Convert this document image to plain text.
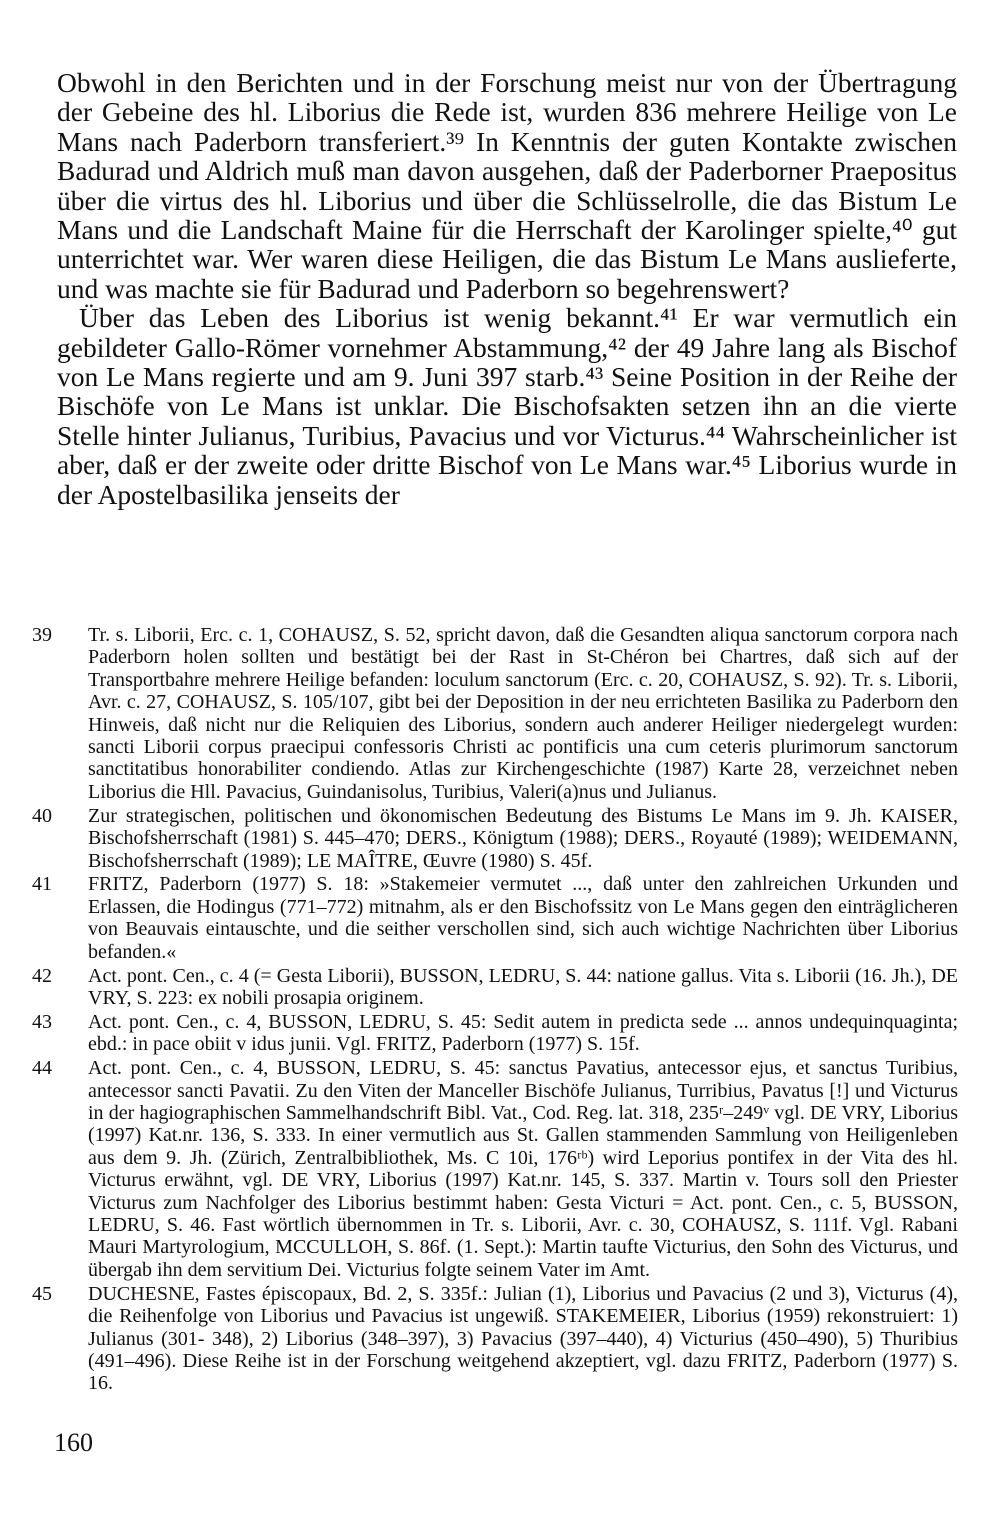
Obwohl in den Berichten und in der Forschung meist nur von der Übertragung der Gebeine des hl. Liborius die Rede ist, wurden 836 mehrere Heilige von Le Mans nach Paderborn transferiert.³⁹ In Kenntnis der guten Kontakte zwischen Badurad und Aldrich muß man davon ausgehen, daß der Paderborner Praepositus über die virtus des hl. Liborius und über die Schlüsselrolle, die das Bistum Le Mans und die Landschaft Maine für die Herrschaft der Karolinger spielte,⁴⁰ gut unterrichtet war. Wer waren diese Heiligen, die das Bistum Le Mans auslieferte, und was machte sie für Badurad und Paderborn so begehrenswert?

Über das Leben des Liborius ist wenig bekannt.⁴¹ Er war vermutlich ein gebildeter Gallo-Römer vornehmer Abstammung,⁴² der 49 Jahre lang als Bischof von Le Mans regierte und am 9. Juni 397 starb.⁴³ Seine Position in der Reihe der Bischöfe von Le Mans ist unklar. Die Bischofsakten setzen ihn an die vierte Stelle hinter Julianus, Turibius, Pavacius und vor Victurus.⁴⁴ Wahrscheinlicher ist aber, daß er der zweite oder dritte Bischof von Le Mans war.⁴⁵ Liborius wurde in der Apostelbasilika jenseits der

39 Tr. s. Liborii, Erc. c. 1, COHAUSZ, S. 52, spricht davon, daß die Gesandten aliqua sanctorum corpora nach Paderborn holen sollten und bestätigt bei der Rast in St-Chéron bei Chartres, daß sich auf der Transportbahre mehrere Heilige befanden: loculum sanctorum (Erc. c. 20, COHAUSZ, S. 92). Tr. s. Liborii, Avr. c. 27, COHAUSZ, S. 105/107, gibt bei der Deposition in der neu errichteten Basilika zu Paderborn den Hinweis, daß nicht nur die Reliquien des Liborius, sondern auch anderer Heiliger niedergelegt wurden: sancti Liborii corpus praecipui confessoris Christi ac pontificis una cum ceteris plurimorum sanctorum sanctitatibus honorabiliter condiendo. Atlas zur Kirchengeschichte (1987) Karte 28, verzeichnet neben Liborius die Hll. Pavacius, Guindanisolus, Turibius, Valeri(a)nus und Julianus.
40 Zur strategischen, politischen und ökonomischen Bedeutung des Bistums Le Mans im 9. Jh. KAISER, Bischofsherrschaft (1981) S. 445–470; DERS., Königtum (1988); DERS., Royauté (1989); WEIDEMANN, Bischofsherrschaft (1989); LE MAÎTRE, Œuvre (1980) S. 45f.
41 FRITZ, Paderborn (1977) S. 18: »Stakemeier vermutet ..., daß unter den zahlreichen Urkunden und Erlassen, die Hodingus (771–772) mitnahm, als er den Bischofssitz von Le Mans gegen den einträglicheren von Beauvais eintauschte, und die seither verschollen sind, sich auch wichtige Nachrichten über Liborius befanden.«
42 Act. pont. Cen., c. 4 (= Gesta Liborii), BUSSON, LEDRU, S. 44: natione gallus. Vita s. Liborii (16. Jh.), DE VRY, S. 223: ex nobili prosapia originem.
43 Act. pont. Cen., c. 4, BUSSON, LEDRU, S. 45: Sedit autem in predicta sede ... annos undequinquaginta; ebd.: in pace obiit v idus junii. Vgl. FRITZ, Paderborn (1977) S. 15f.
44 Act. pont. Cen., c. 4, BUSSON, LEDRU, S. 45: sanctus Pavatius, antecessor ejus, et sanctus Turibius, antecessor sancti Pavatii. Zu den Viten der Manceller Bischöfe Julianus, Turribius, Pavatus [!] und Victurus in der hagiographischen Sammelhandschrift Bibl. Vat., Cod. Reg. lat. 318, 235ʳ–249ᵛ vgl. DE VRY, Liborius (1997) Kat.nr. 136, S. 333. In einer vermutlich aus St. Gallen stammenden Sammlung von Heiligenleben aus dem 9. Jh. (Zürich, Zentralbibliothek, Ms. C 10i, 176ʳᵇ) wird Leporius pontifex in der Vita des hl. Victurus erwähnt, vgl. DE VRY, Liborius (1997) Kat.nr. 145, S. 337. Martin v. Tours soll den Priester Victurus zum Nachfolger des Liborius bestimmt haben: Gesta Victuri = Act. pont. Cen., c. 5, BUSSON, LEDRU, S. 46. Fast wörtlich übernommen in Tr. s. Liborii, Avr. c. 30, COHAUSZ, S. 111f. Vgl. Rabani Mauri Martyrologium, MCCULLOH, S. 86f. (1. Sept.): Martin taufte Victurius, den Sohn des Victurus, und übergab ihn dem servitium Dei. Victurius folgte seinem Vater im Amt.
45 DUCHESNE, Fastes épiscopaux, Bd. 2, S. 335f.: Julian (1), Liborius und Pavacius (2 und 3), Victurus (4), die Reihenfolge von Liborius und Pavacius ist ungewiß. STAKEMEIER, Liborius (1959) rekonstruiert: 1) Julianus (301- 348), 2) Liborius (348–397), 3) Pavacius (397–440), 4) Victurius (450–490), 5) Thuribius (491–496). Diese Reihe ist in der Forschung weitgehend akzeptiert, vgl. dazu FRITZ, Paderborn (1977) S. 16.
160
